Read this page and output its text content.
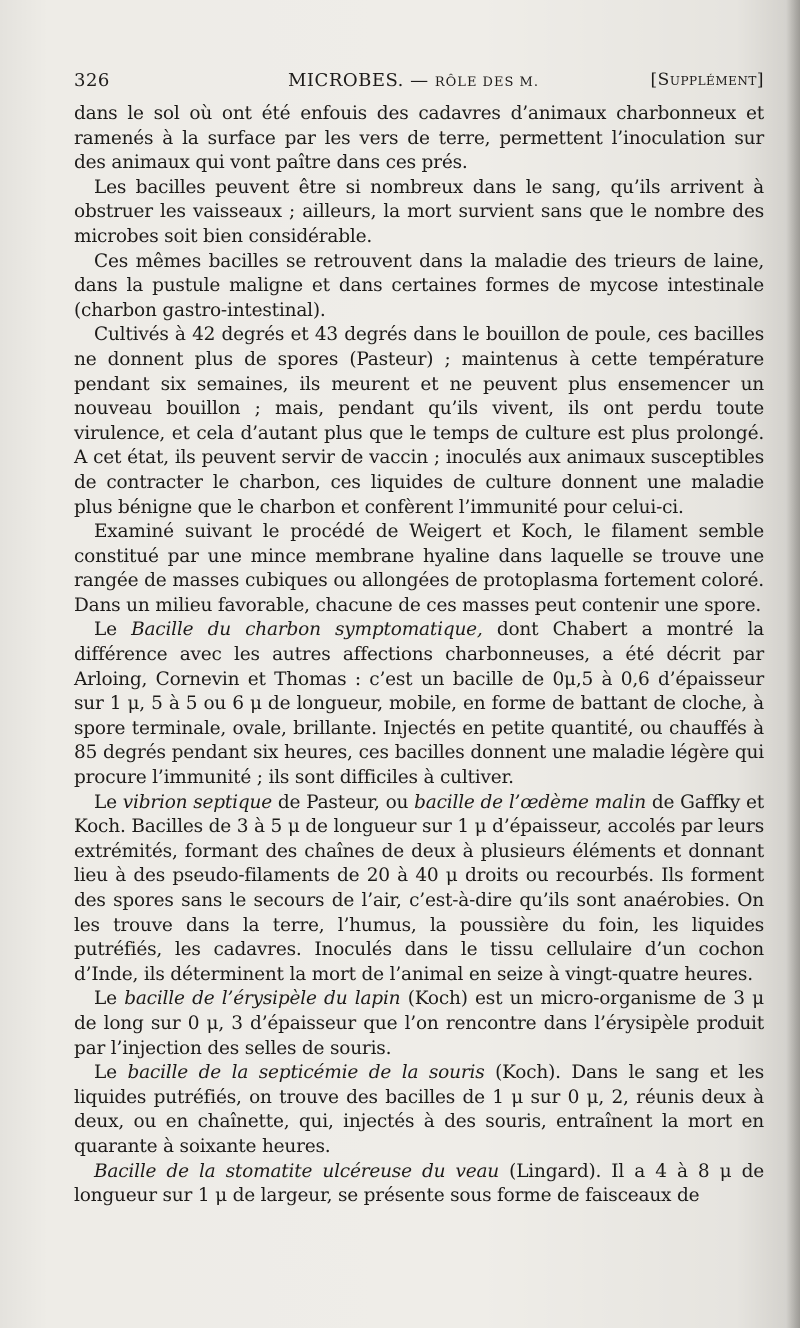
326	MICROBES. — RÔLE DES M.	[Supplément]

dans le sol où ont été enfouis des cadavres d’animaux charbonneux et ramenés à la surface par les vers de terre, permettent l’inoculation sur des animaux qui vont paître dans ces prés.

Les bacilles peuvent être si nombreux dans le sang, qu’ils arrivent à obstruer les vaisseaux ; ailleurs, la mort survient sans que le nombre des microbes soit bien considérable.

Ces mêmes bacilles se retrouvent dans la maladie des trieurs de laine, dans la pustule maligne et dans certaines formes de mycose intestinale (charbon gastro-intestinal).

Cultivés à 42 degrés et 43 degrés dans le bouillon de poule, ces bacilles ne donnent plus de spores (Pasteur) ; maintenus à cette température pendant six semaines, ils meurent et ne peuvent plus ensemencer un nouveau bouillon ; mais, pendant qu’ils vivent, ils ont perdu toute virulence, et cela d’autant plus que le temps de culture est plus prolongé. A cet état, ils peuvent servir de vaccin ; inoculés aux animaux susceptibles de contracter le charbon, ces liquides de culture donnent une maladie plus bénigne que le charbon et confèrent l’immunité pour celui-ci.

Examiné suivant le procédé de Weigert et Koch, le filament semble constitué par une mince membrane hyaline dans laquelle se trouve une rangée de masses cubiques ou allongées de protoplasma fortement coloré. Dans un milieu favorable, chacune de ces masses peut contenir une spore.

Le Bacille du charbon symptomatique, dont Chabert a montré la différence avec les autres affections charbonneuses, a été décrit par Arloing, Cornevin et Thomas : c’est un bacille de 0μ,5 à 0,6 d’épaisseur sur 1 μ, 5 à 5 ou 6 μ de longueur, mobile, en forme de battant de cloche, à spore terminale, ovale, brillante. Injectés en petite quantité, ou chauffés à 85 degrés pendant six heures, ces bacilles donnent une maladie légère qui procure l’immunité ; ils sont difficiles à cultiver.

Le vibrion septique de Pasteur, ou bacille de l’œdème malin de Gaffky et Koch. Bacilles de 3 à 5 μ de longueur sur 1 μ d’épaisseur, accolés par leurs extrémités, formant des chaînes de deux à plusieurs éléments et donnant lieu à des pseudo-filaments de 20 à 40 μ droits ou recourbés. Ils forment des spores sans le secours de l’air, c’est-à-dire qu’ils sont anaérobies. On les trouve dans la terre, l’humus, la poussière du foin, les liquides putréfiés, les cadavres. Inoculés dans le tissu cellulaire d’un cochon d’Inde, ils déterminent la mort de l’animal en seize à vingt-quatre heures.

Le bacille de l’érysipèle du lapin (Koch) est un micro-organisme de 3 μ de long sur 0 μ, 3 d’épaisseur que l’on rencontre dans l’érysipèle produit par l’injection des selles de souris.

Le bacille de la septicémie de la souris (Koch). Dans le sang et les liquides putréfiés, on trouve des bacilles de 1 μ sur 0 μ, 2, réunis deux à deux, ou en chaînette, qui, injectés à des souris, entraînent la mort en quarante à soixante heures.

Bacille de la stomatite ulcéreuse du veau (Lingard). Il a 4 à 8 μ de longueur sur 1 μ de largeur, se présente sous forme de faisceaux de
